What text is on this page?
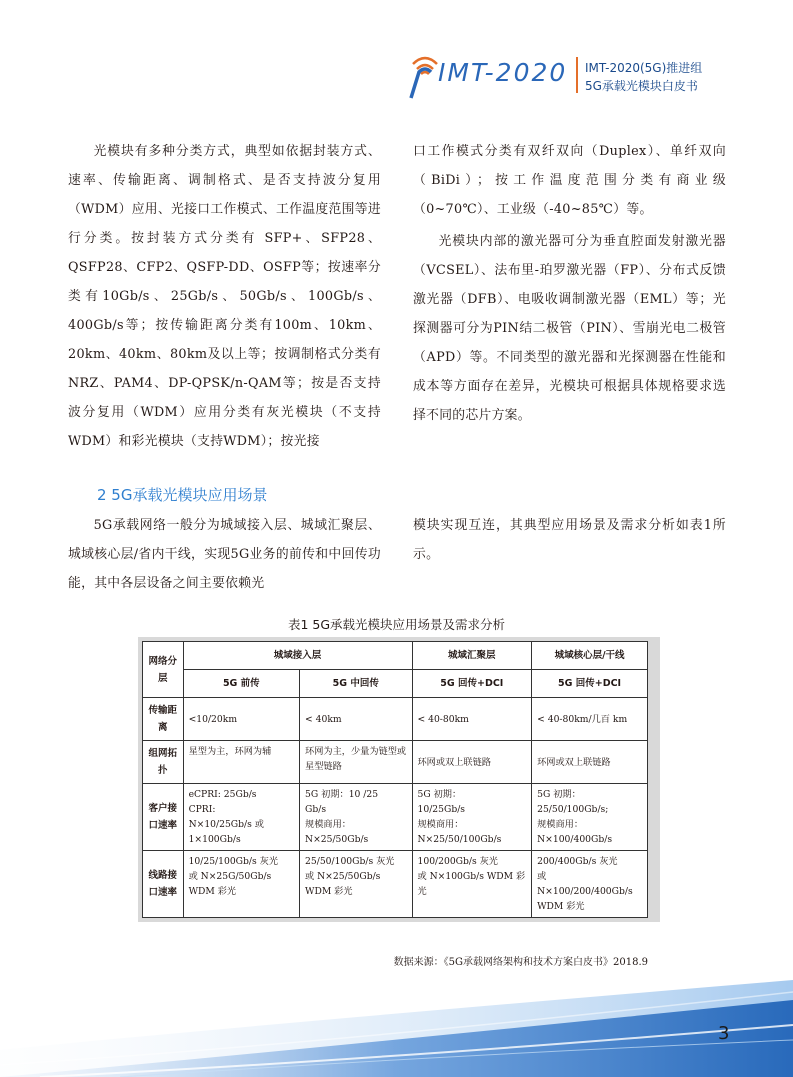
IMT-2020 IMT-2020(5G)推进组
5G承载光模块白皮书

光模块有多种分类方式，典型如依据封装方式、速率、传输距离、调制格式、是否支持波分复用（WDM）应用、光接口工作模式、工作温度范围等进行分类。按封装方式分类有 SFP+、SFP28、QSFP28、CFP2、QSFP-DD、OSFP等；按速率分类有10Gb/s、25Gb/s、50Gb/s、100Gb/s、400Gb/s等；按传输距离分类有100m、10km、20km、40km、80km及以上等；按调制格式分类有NRZ、PAM4、DP-QPSK/n-QAM等；按是否支持波分复用（WDM）应用分类有灰光模块（不支持WDM）和彩光模块（支持WDM）；按光接

口工作模式分类有双纤双向（Duplex）、单纤双向（BiDi）；按工作温度范围分类有商业级（0~70℃）、工业级（-40~85℃）等。

光模块内部的激光器可分为垂直腔面发射激光器（VCSEL）、法布里-珀罗激光器（FP）、分布式反馈激光器（DFB）、电吸收调制激光器（EML）等；光探测器可分为PIN结二极管（PIN）、雪崩光电二极管（APD）等。不同类型的激光器和光探测器在性能和成本等方面存在差异，光模块可根据具体规格要求选择不同的芯片方案。

2 5G承载光模块应用场景

5G承载网络一般分为城域接入层、城域汇聚层、城域核心层/省内干线，实现5G业务的前传和中回传功能，其中各层设备之间主要依赖光

模块实现互连，其典型应用场景及需求分析如表1所示。

表1 5G承载光模块应用场景及需求分析
网络分层	城域接入层		城域汇聚层	城域核心层/干线
	5G 前传	5G 中回传	5G 回传+DCI	5G 回传+DCI
传输距离	<10/20km	< 40km	< 40-80km	< 40-80km/几百 km
组网拓扑	星型为主，环网为辅	环网为主，少量为链型或星型链路	环网或双上联链路	环网或双上联链路
客户接口速率	eCPRI: 25Gb/s
CPRI:
N×10/25Gb/s 或
1×100Gb/s	5G 初期：10 /25
Gb/s
规模商用：
N×25/50Gb/s	5G 初期：
10/25Gb/s
规模商用：
N×25/50/100Gb/s	5G 初期： 25/50/100Gb/s;
规模商用：
N×100/400Gb/s
线路接口速率	10/25/100Gb/s 灰光
或 N×25G/50Gb/s
WDM 彩光	25/50/100Gb/s 灰光
或 N×25/50Gb/s
WDM 彩光	100/200Gb/s 灰光
或 N×100Gb/s WDM 彩光	200/400Gb/s 灰光
或 N×100/200/400Gb/s
WDM 彩光
数据来源：《5G承载网络架构和技术方案白皮书》2018.9
3
